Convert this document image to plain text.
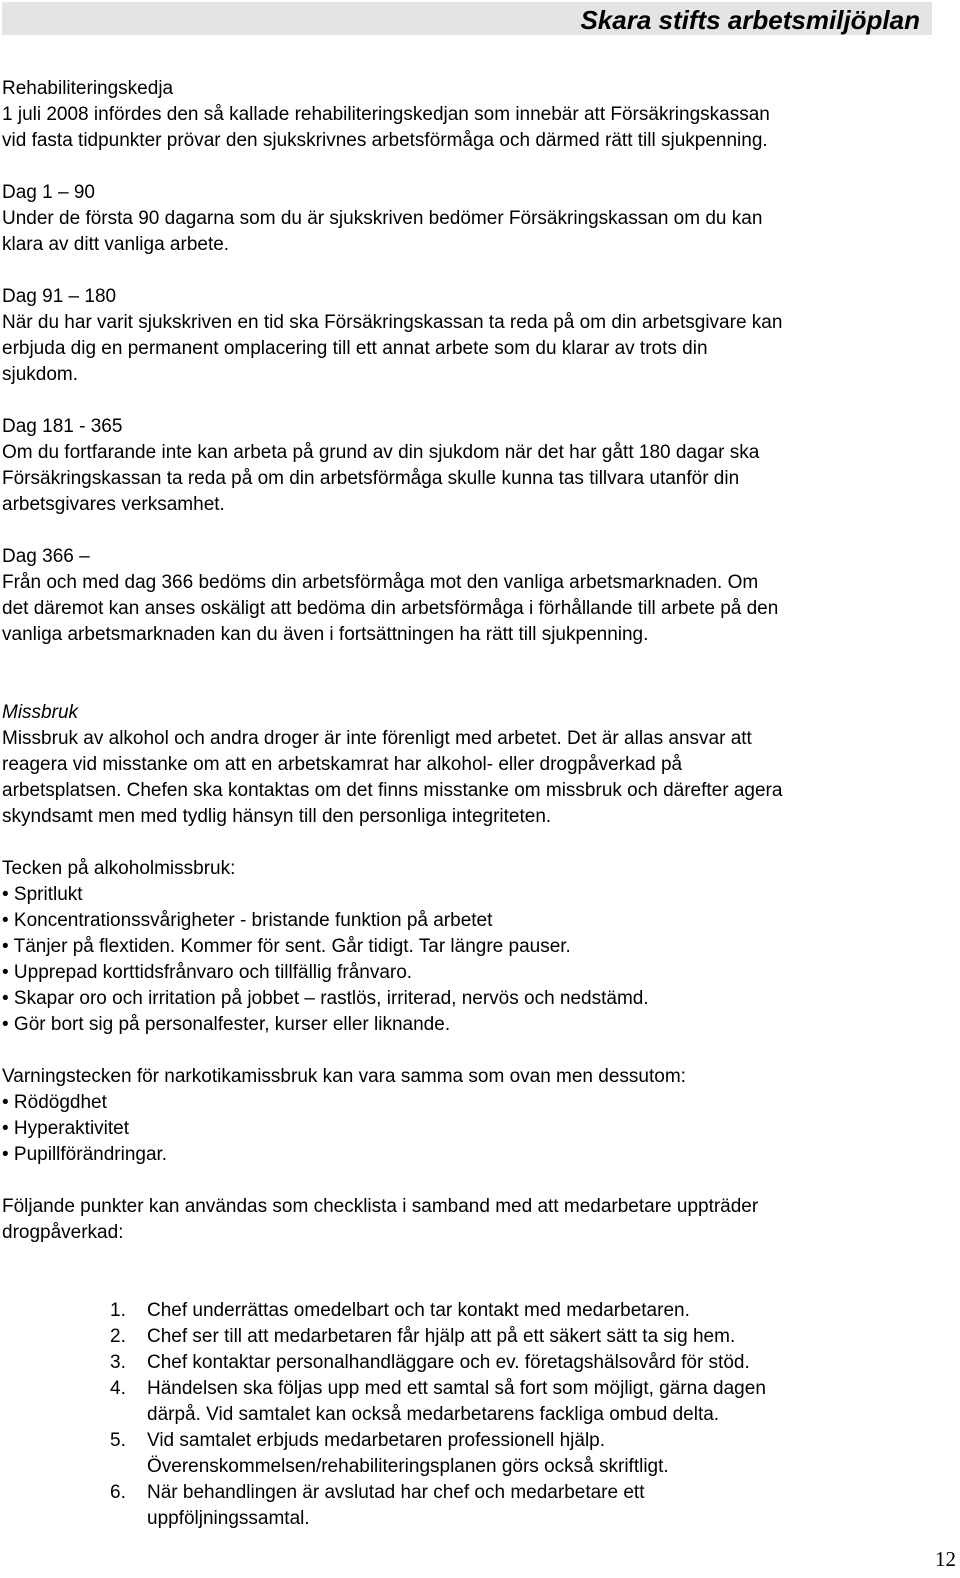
Skara stifts arbetsmiljöplan

Rehabiliteringskedja

1 juli 2008 infördes den så kallade rehabiliteringskedjan som innebär att Försäkringskassan

vid fasta tidpunkter prövar den sjukskrivnes arbetsförmåga och därmed rätt till sjukpenning.

Dag 1 – 90

Under de första 90 dagarna som du är sjukskriven bedömer Försäkringskassan om du kan

klara av ditt vanliga arbete.

Dag 91 – 180

När du har varit sjukskriven en tid ska Försäkringskassan ta reda på om din arbetsgivare kan

erbjuda dig en permanent omplacering till ett annat arbete som du klarar av trots din

sjukdom.

Dag 181 - 365

Om du fortfarande inte kan arbeta på grund av din sjukdom när det har gått 180 dagar ska

Försäkringskassan ta reda på om din arbetsförmåga skulle kunna tas tillvara utanför din

arbetsgivares verksamhet.

Dag 366 –

Från och med dag 366 bedöms din arbetsförmåga mot den vanliga arbetsmarknaden. Om

det däremot kan anses oskäligt att bedöma din arbetsförmåga i förhållande till arbete på den

vanliga arbetsmarknaden kan du även i fortsättningen ha rätt till sjukpenning.

Missbruk

Missbruk av alkohol och andra droger är inte förenligt med arbetet. Det är allas ansvar att

reagera vid misstanke om att en arbetskamrat har alkohol- eller drogpåverkad på

arbetsplatsen. Chefen ska kontaktas om det finns misstanke om missbruk och därefter agera

skyndsamt men med tydlig hänsyn till den personliga integriteten.

Tecken på alkoholmissbruk:

• Spritlukt

• Koncentrationssvårigheter - bristande funktion på arbetet

• Tänjer på flextiden. Kommer för sent. Går tidigt. Tar längre pauser.

• Upprepad korttidsfrånvaro och tillfällig frånvaro.

• Skapar oro och irritation på jobbet – rastlös, irriterad, nervös och nedstämd.

• Gör bort sig på personalfester, kurser eller liknande.

Varningstecken för narkotikamissbruk kan vara samma som ovan men dessutom:

• Rödögdhet

• Hyperaktivitet

• Pupillförändringar.

Följande punkter kan användas som checklista i samband med att medarbetare uppträder

drogpåverkad:

1. Chef underrättas omedelbart och tar kontakt med medarbetaren.
2. Chef ser till att medarbetaren får hjälp att på ett säkert sätt ta sig hem.
3. Chef kontaktar personalhandläggare och ev. företagshälsovård för stöd.
4. Händelsen ska följas upp med ett samtal så fort som möjligt, gärna dagen
därpå. Vid samtalet kan också medarbetarens fackliga ombud delta.
5. Vid samtalet erbjuds medarbetaren professionell hjälp.
Överenskommelsen/rehabiliteringsplanen görs också skriftligt.
6. När behandlingen är avslutad har chef och medarbetare ett
uppföljningssamtal.
12
